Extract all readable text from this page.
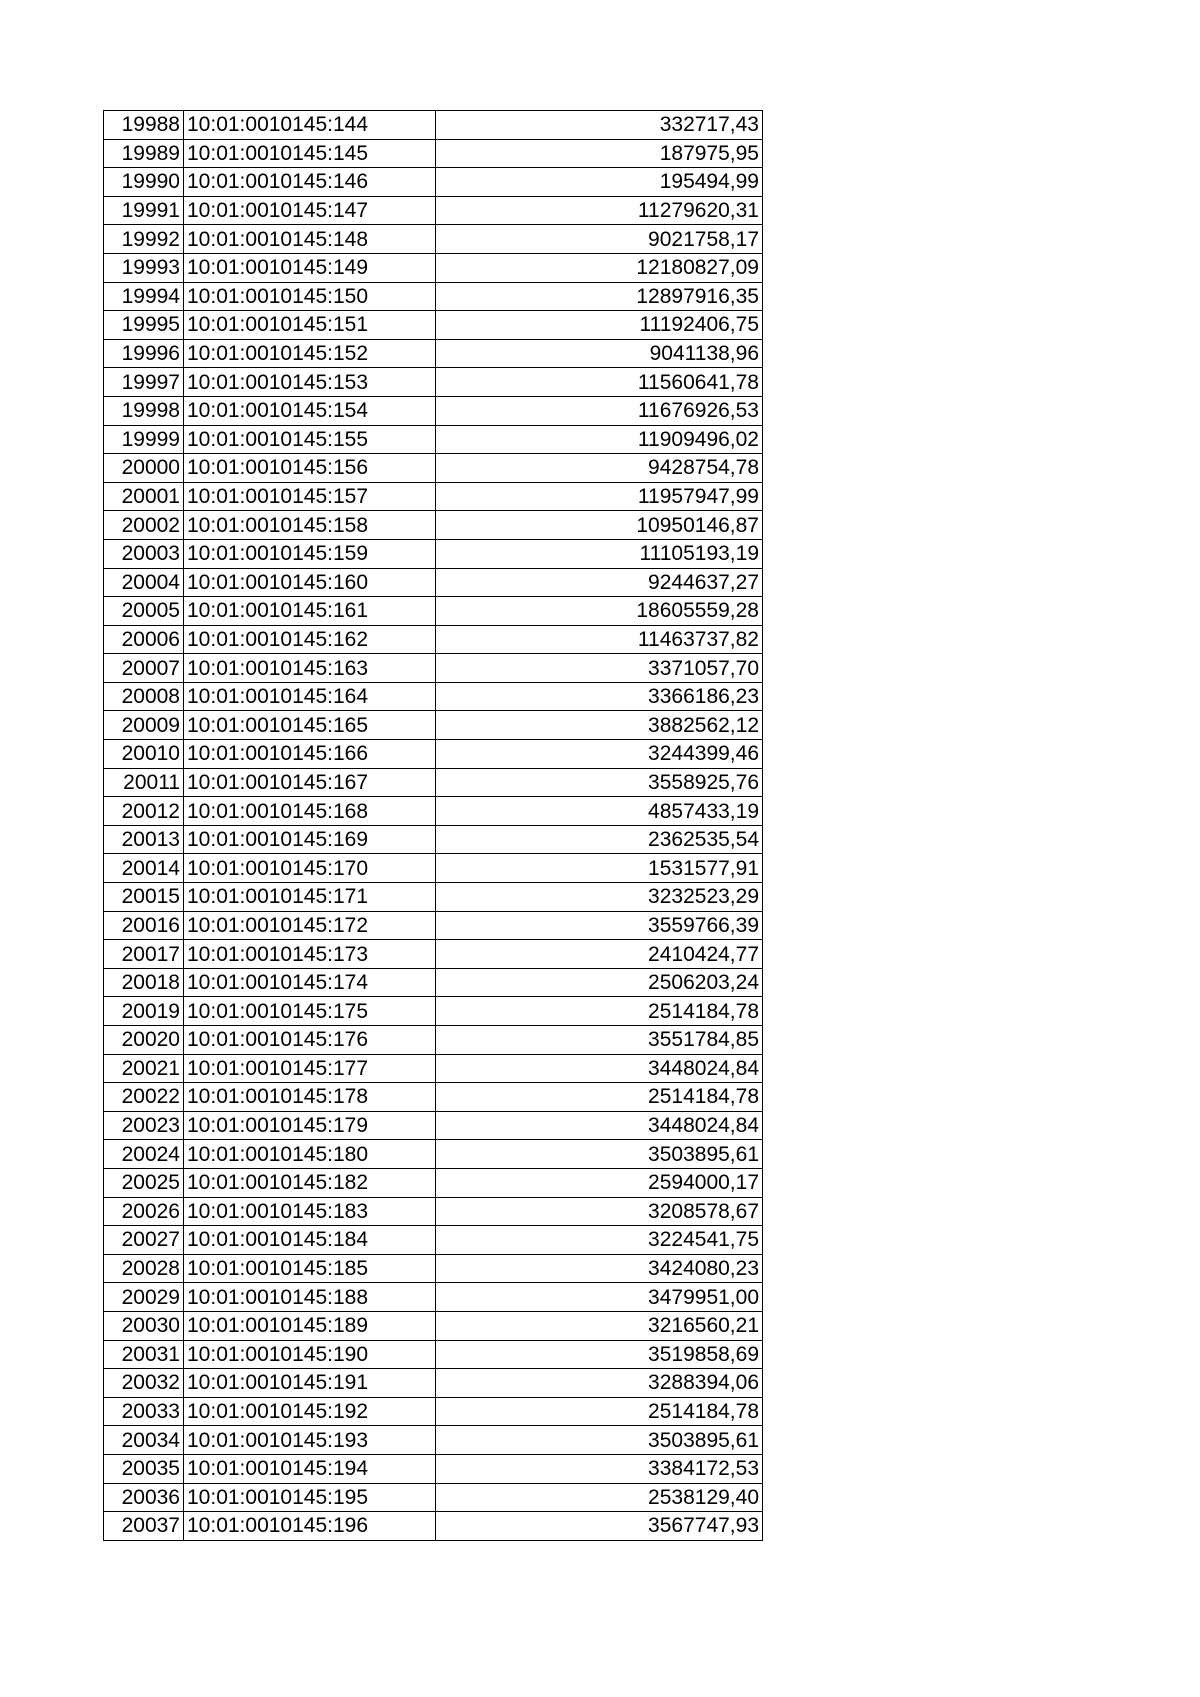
19988	10:01:0010145:144	332717,43
19989	10:01:0010145:145	187975,95
19990	10:01:0010145:146	195494,99
19991	10:01:0010145:147	11279620,31
19992	10:01:0010145:148	9021758,17
19993	10:01:0010145:149	12180827,09
19994	10:01:0010145:150	12897916,35
19995	10:01:0010145:151	11192406,75
19996	10:01:0010145:152	9041138,96
19997	10:01:0010145:153	11560641,78
19998	10:01:0010145:154	11676926,53
19999	10:01:0010145:155	11909496,02
20000	10:01:0010145:156	9428754,78
20001	10:01:0010145:157	11957947,99
20002	10:01:0010145:158	10950146,87
20003	10:01:0010145:159	11105193,19
20004	10:01:0010145:160	9244637,27
20005	10:01:0010145:161	18605559,28
20006	10:01:0010145:162	11463737,82
20007	10:01:0010145:163	3371057,70
20008	10:01:0010145:164	3366186,23
20009	10:01:0010145:165	3882562,12
20010	10:01:0010145:166	3244399,46
20011	10:01:0010145:167	3558925,76
20012	10:01:0010145:168	4857433,19
20013	10:01:0010145:169	2362535,54
20014	10:01:0010145:170	1531577,91
20015	10:01:0010145:171	3232523,29
20016	10:01:0010145:172	3559766,39
20017	10:01:0010145:173	2410424,77
20018	10:01:0010145:174	2506203,24
20019	10:01:0010145:175	2514184,78
20020	10:01:0010145:176	3551784,85
20021	10:01:0010145:177	3448024,84
20022	10:01:0010145:178	2514184,78
20023	10:01:0010145:179	3448024,84
20024	10:01:0010145:180	3503895,61
20025	10:01:0010145:182	2594000,17
20026	10:01:0010145:183	3208578,67
20027	10:01:0010145:184	3224541,75
20028	10:01:0010145:185	3424080,23
20029	10:01:0010145:188	3479951,00
20030	10:01:0010145:189	3216560,21
20031	10:01:0010145:190	3519858,69
20032	10:01:0010145:191	3288394,06
20033	10:01:0010145:192	2514184,78
20034	10:01:0010145:193	3503895,61
20035	10:01:0010145:194	3384172,53
20036	10:01:0010145:195	2538129,40
20037	10:01:0010145:196	3567747,93
